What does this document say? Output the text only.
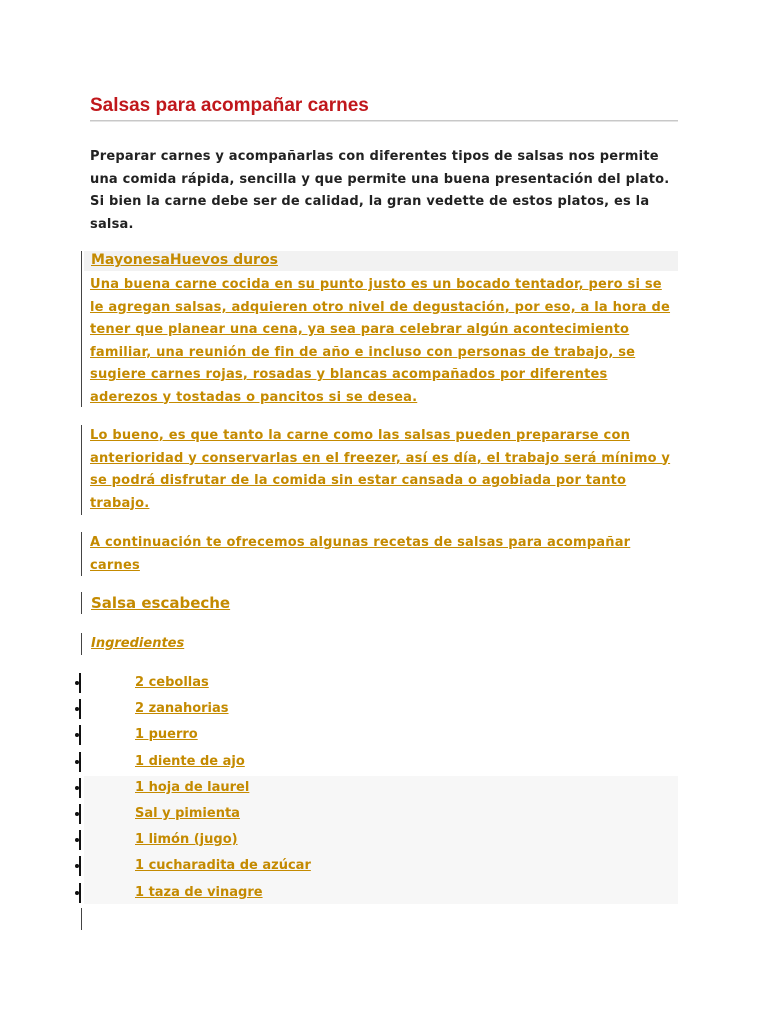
Salsas para acompañar carnes
Preparar carnes y acompañarlas con diferentes tipos de salsas nos permite una comida rápida, sencilla y que permite una buena presentación del plato. Si bien la carne debe ser de calidad, la gran vedette de estos platos, es la salsa.
MayonesaHuevos duros
Una buena carne cocida en su punto justo es un bocado tentador, pero si se le agregan salsas, adquieren otro nivel de degustación, por eso, a la hora de tener que planear una cena, ya sea para celebrar algún acontecimiento familiar, una reunión de fin de año e incluso con personas de trabajo, se sugiere carnes rojas, rosadas y blancas acompañados por diferentes aderezos y tostadas o pancitos si se desea.
Lo bueno, es que tanto la carne como las salsas pueden prepararse con anterioridad y conservarlas en el freezer, así es día, el trabajo será mínimo y se podrá disfrutar de la comida sin estar cansada o agobiada por tanto trabajo.
A continuación te ofrecemos algunas recetas de salsas para acompañar carnes
Salsa escabeche
Ingredientes
2 cebollas
2 zanahorias
1 puerro
1 diente de ajo
1 hoja de laurel
Sal y pimienta
1 limón (jugo)
1 cucharadita de azúcar
1 taza de vinagre
